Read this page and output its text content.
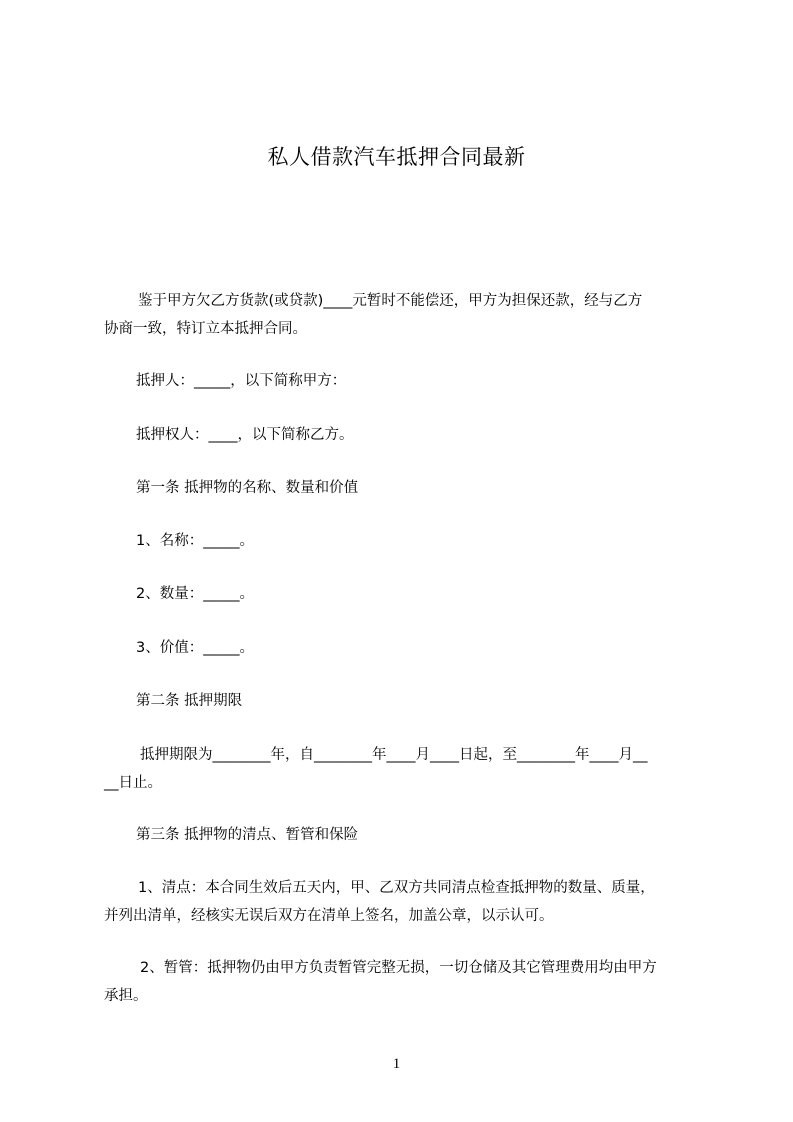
私人借款汽车抵押合同最新
鉴于甲方欠乙方货款(或贷款)____元暂时不能偿还，甲方为担保还款，经与乙方
协商一致，特订立本抵押合同。
抵押人：_____，以下简称甲方：
抵押权人：____，以下简称乙方。
第一条 抵押物的名称、数量和价值
1、名称：_____。
2、数量：_____。
3、价值：_____。
第二条 抵押期限
抵押期限为________年，自________年____月____日起，至________年____月__
__日止。
第三条 抵押物的清点、暂管和保险
1、清点：本合同生效后五天内，甲、乙双方共同清点检查抵押物的数量、质量，
并列出清单，经核实无误后双方在清单上签名，加盖公章，以示认可。
2、暂管：抵押物仍由甲方负责暂管完整无损，一切仓储及其它管理费用均由甲方
承担。
1
